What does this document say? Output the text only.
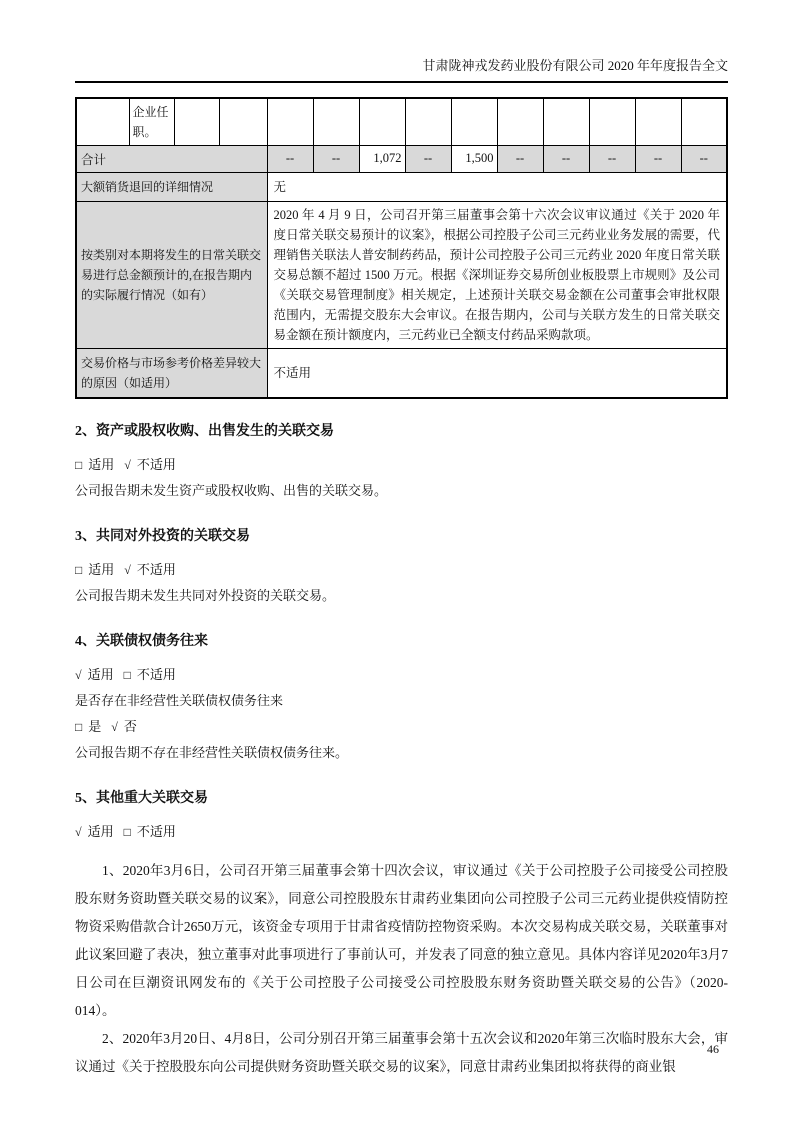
甘肃陇神戎发药业股份有限公司 2020 年年度报告全文
	企业任职。												
合计				--	--	1,072	--	1,500	--	--	--	--	--
大额销货退回的详细情况				无									
按类别对本期将发生的日常关联交易进行总金额预计的,在报告期内的实际履行情况（如有）				2020 年 4 月 9 日，公司召开第三届董事会第十六次会议审议通过《关于 2020 年度日常关联交易预计的议案》，根据公司控股子公司三元药业业务发展的需要，代理销售关联法人普安制药药品，预计公司控股子公司三元药业 2020 年度日常关联交易总额不超过 1500 万元。根据《深圳证券交易所创业板股票上市规则》及公司《关联交易管理制度》相关规定，上述预计关联交易金额在公司董事会审批权限范围内，无需提交股东大会审议。在报告期内，公司与关联方发生的日常关联交易金额在预计额度内，三元药业已全额支付药品采购款项。									
交易价格与市场参考价格差异较大的原因（如适用）				不适用									
2、资产或股权收购、出售发生的关联交易
□ 适用 √ 不适用
公司报告期未发生资产或股权收购、出售的关联交易。
3、共同对外投资的关联交易
□ 适用 √ 不适用
公司报告期未发生共同对外投资的关联交易。
4、关联债权债务往来
√ 适用 □ 不适用
是否存在非经营性关联债权债务往来
□ 是 √ 否
公司报告期不存在非经营性关联债权债务往来。
5、其他重大关联交易
√ 适用 □ 不适用

1、2020年3月6日，公司召开第三届董事会第十四次会议，审议通过《关于公司控股子公司接受公司控股股东财务资助暨关联交易的议案》，同意公司控股股东甘肃药业集团向公司控股子公司三元药业提供疫情防控物资采购借款合计2650万元，该资金专项用于甘肃省疫情防控物资采购。本次交易构成关联交易，关联董事对此议案回避了表决，独立董事对此事项进行了事前认可，并发表了同意的独立意见。具体内容详见2020年3月7日公司在巨潮资讯网发布的《关于公司控股子公司接受公司控股股东财务资助暨关联交易的公告》（2020-014）。

2、2020年3月20日、4月8日，公司分别召开第三届董事会第十五次会议和2020年第三次临时股东大会，审议通过《关于控股股东向公司提供财务资助暨关联交易的议案》，同意甘肃药业集团拟将获得的商业银

46
